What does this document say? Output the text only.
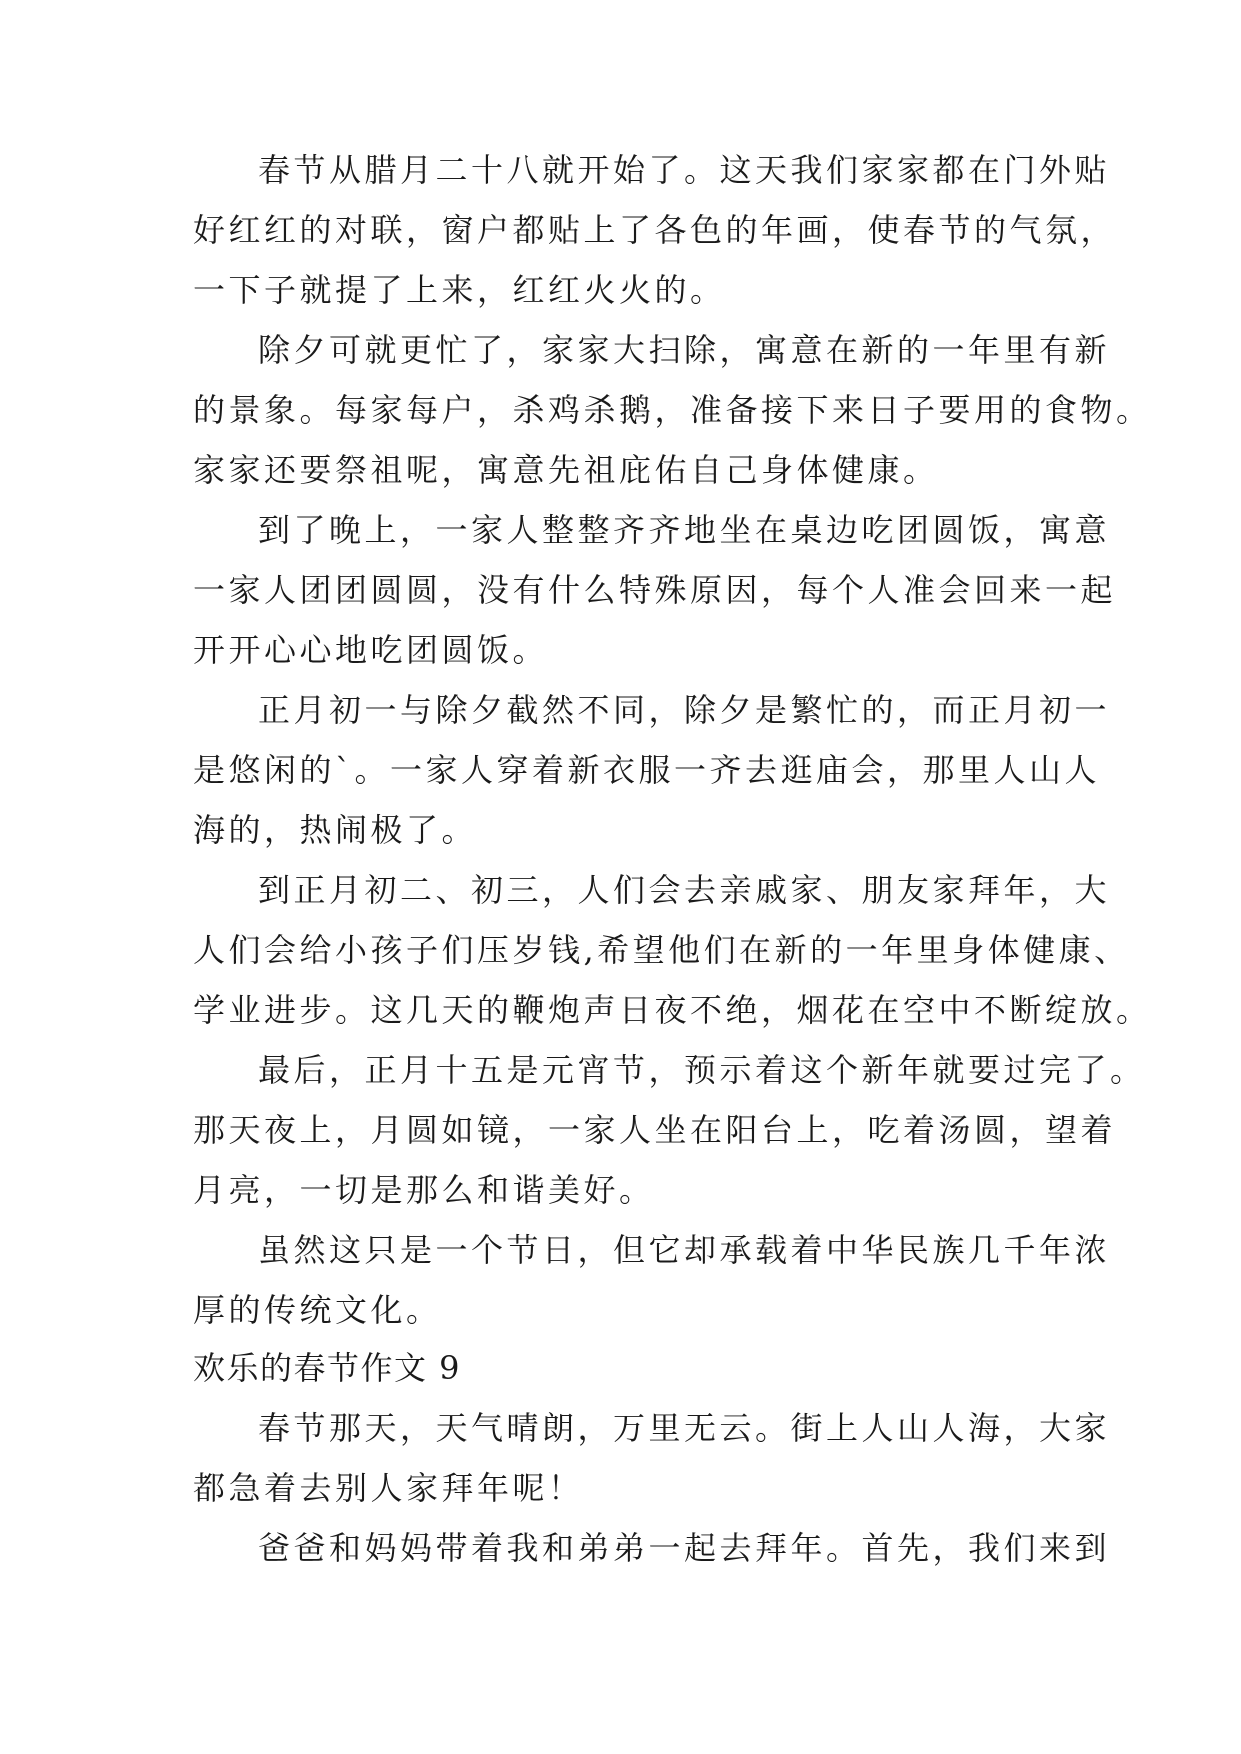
春节从腊月二十八就开始了。这天我们家家都在门外贴
好红红的对联，窗户都贴上了各色的年画，使春节的气氛，
一下子就提了上来，红红火火的。
除夕可就更忙了，家家大扫除，寓意在新的一年里有新
的景象。每家每户，杀鸡杀鹅，准备接下来日子要用的食物。
家家还要祭祖呢，寓意先祖庇佑自己身体健康。
到了晚上，一家人整整齐齐地坐在桌边吃团圆饭，寓意
一家人团团圆圆，没有什么特殊原因，每个人准会回来一起
开开心心地吃团圆饭。
正月初一与除夕截然不同，除夕是繁忙的，而正月初一
是悠闲的`。一家人穿着新衣服一齐去逛庙会，那里人山人
海的，热闹极了。
到正月初二、初三，人们会去亲戚家、朋友家拜年，大
人们会给小孩子们压岁钱,希望他们在新的一年里身体健康、
学业进步。这几天的鞭炮声日夜不绝，烟花在空中不断绽放。
最后，正月十五是元宵节，预示着这个新年就要过完了。
那天夜上，月圆如镜，一家人坐在阳台上，吃着汤圆，望着
月亮，一切是那么和谐美好。
虽然这只是一个节日，但它却承载着中华民族几千年浓
厚的传统文化。
欢乐的春节作文 9
春节那天，天气晴朗，万里无云。街上人山人海，大家
都急着去别人家拜年呢！
爸爸和妈妈带着我和弟弟一起去拜年。首先，我们来到
